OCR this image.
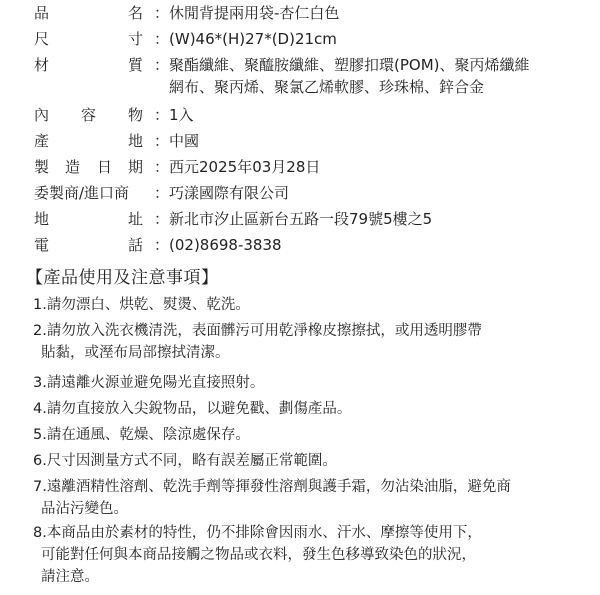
品	名 ：休閒背提兩用袋-杏仁白色
尺	寸 ：(W)46*(H)27*(D)21cm
材	質 ：聚酯纖維、聚醯胺纖維、塑膠扣環(POM)、聚丙烯纖維
網布、聚丙烯、聚氯乙烯軟膠、珍珠棉、鋅合金
內 容 物 ：1入
產	地 ：中國
製 造 日 期 ：西元2025年03月28日
委製商/進口商 ：巧漾國際有限公司
地	址 ：新北市汐止區新台五路一段79號5樓之5
電	話 ：(02)8698-3838
【產品使用及注意事項】
1.請勿漂白、烘乾、熨燙、乾洗。
2.請勿放入洗衣機清洗，表面髒污可用乾淨橡皮擦擦拭，或用透明膠帶
貼黏，或溼布局部擦拭清潔。
3.請遠離火源並避免陽光直接照射。
4.請勿直接放入尖銳物品，以避免戳、劃傷產品。
5.請在通風、乾燥、陰涼處保存。
6.尺寸因測量方式不同，略有誤差屬正常範圍。
7.遠離酒精性溶劑、乾洗手劑等揮發性溶劑與護手霜，勿沾染油脂，避免商
品沾污變色。
8.本商品由於素材的特性，仍不排除會因雨水、汗水、摩擦等使用下，
可能對任何與本商品接觸之物品或衣料，發生色移導致染色的狀況，
請注意。
